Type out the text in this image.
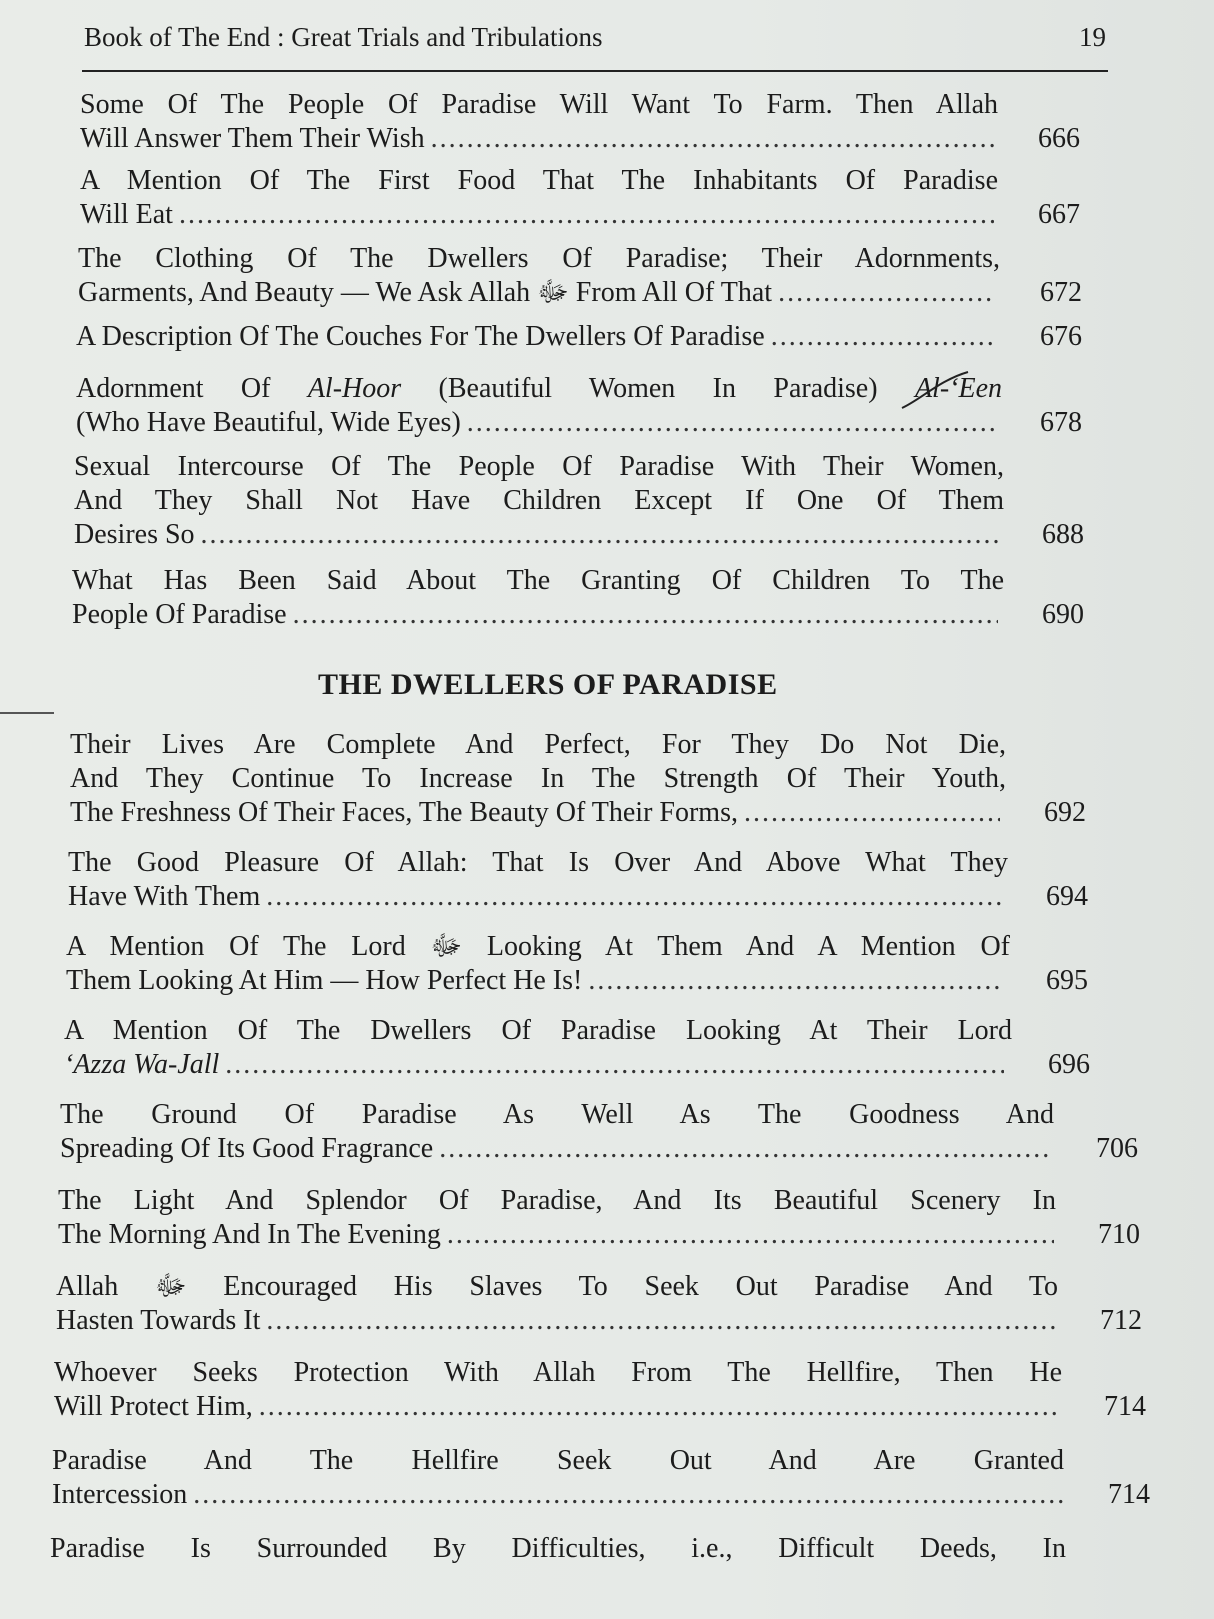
Book of The End : Great Trials and Tribulations	19
Some Of The People Of Paradise Will Want To Farm. Then Allah
Will Answer Them Their Wish .....	666
A Mention Of The First Food That The Inhabitants Of Paradise
Will Eat .....	667
The Clothing Of The Dwellers Of Paradise; Their Adornments,
Garments, And Beauty — We Ask Allah ﷻ From All Of That .....	672
A Description Of The Couches For The Dwellers Of Paradise .....	676
Adornment Of Al-Hoor (Beautiful Women In Paradise) Al-‘Een
(Who Have Beautiful, Wide Eyes) .....	678
Sexual Intercourse Of The People Of Paradise With Their Women,
And They Shall Not Have Children Except If One Of Them
Desires So .....	688
What Has Been Said About The Granting Of Children To The
People Of Paradise .....	690
THE DWELLERS OF PARADISE
Their Lives Are Complete And Perfect, For They Do Not Die,
And They Continue To Increase In The Strength Of Their Youth,
The Freshness Of Their Faces, The Beauty Of Their Forms, .....	692
The Good Pleasure Of Allah: That Is Over And Above What They
Have With Them .....	694
A Mention Of The Lord ﷻ Looking At Them And A Mention Of
Them Looking At Him — How Perfect He Is! .....	695
A Mention Of The Dwellers Of Paradise Looking At Their Lord
‘Azza Wa-Jall .....	696
The Ground Of Paradise As Well As The Goodness And
Spreading Of Its Good Fragrance .....	706
The Light And Splendor Of Paradise, And Its Beautiful Scenery In
The Morning And In The Evening .....	710
Allah ﷻ Encouraged His Slaves To Seek Out Paradise And To
Hasten Towards It .....	712
Whoever Seeks Protection With Allah From The Hellfire, Then He
Will Protect Him, .....	714
Paradise And The Hellfire Seek Out And Are Granted
Intercession .....	714
Paradise Is Surrounded By Difficulties, i.e., Difficult Deeds, In
